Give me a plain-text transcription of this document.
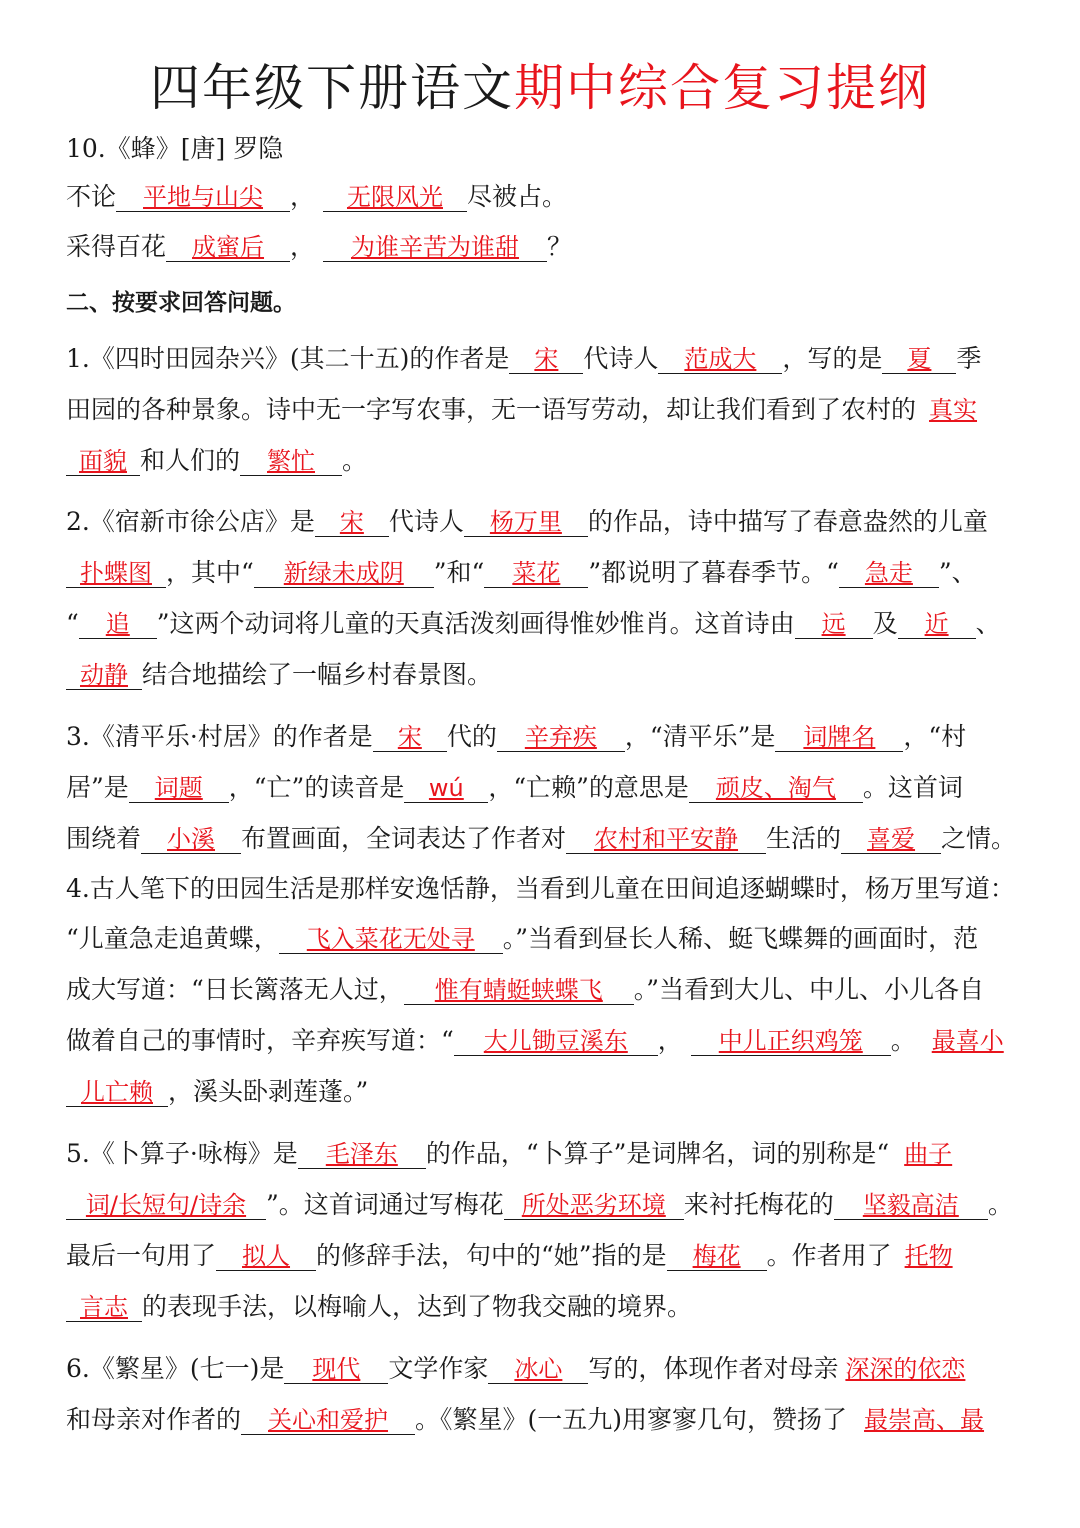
四年级下册语文期中综合复习提纲
10.《蜂》[唐] 罗隐
不论 平地与山尖 ， 无限风光 尽被占。
采得百花 成蜜后 ， 为谁辛苦为谁甜 ？
二、按要求回答问题。
1.《四时田园杂兴》(其二十五)的作者是 宋 代诗人 范成大 ，写的是 夏 季
田园的各种景象。诗中无一字写农事，无一语写劳动，却让我们看到了农村的 真实
面貌 和人们的 繁忙 。
2.《宿新市徐公店》是 宋 代诗人 杨万里 的作品，诗中描写了春意盎然的儿童
扑蝶图 ，其中“ 新绿未成阴 ”和“ 菜花 ”都说明了暮春季节。“ 急走 ”、
“ 追 ”这两个动词将儿童的天真活泼刻画得惟妙惟肖。这首诗由 远 及 近 、
动静 结合地描绘了一幅乡村春景图。
3.《清平乐·村居》的作者是 宋 代的 辛弃疾 ，“清平乐”是 词牌名 ，“村
居”是 词题 ，“亡”的读音是 wú ，“亡赖”的意思是 顽皮、淘气 。这首词
围绕着 小溪 布置画面，全词表达了作者对 农村和平安静 生活的 喜爱 之情。
4.古人笔下的田园生活是那样安逸恬静，当看到儿童在田间追逐蝴蝶时，杨万里写道：
“儿童急走追黄蝶， 飞入菜花无处寻 。”当看到昼长人稀、蜓飞蝶舞的画面时，范
成大写道：“日长篱落无人过， 惟有蜻蜓蛱蝶飞 。”当看到大儿、中儿、小儿各自
做着自己的事情时，辛弃疾写道：“ 大儿锄豆溪东 ， 中儿正织鸡笼 。 最喜小
儿亡赖 ，溪头卧剥莲蓬。”
5.《卜算子·咏梅》是 毛泽东 的作品，“卜算子”是词牌名，词的别称是“ 曲子
词/长短句/诗余 ”。这首词通过写梅花 所处恶劣环境 来衬托梅花的 坚毅高洁 。
最后一句用了 拟人 的修辞手法，句中的“她”指的是 梅花 。作者用了 托物
言志 的表现手法，以梅喻人，达到了物我交融的境界。
6.《繁星》(七一)是 现代 文学作家 冰心 写的，体现作者对母亲 深深的依恋
和母亲对作者的 关心和爱护 。《繁星》(一五九)用寥寥几句，赞扬了 最崇高、最
